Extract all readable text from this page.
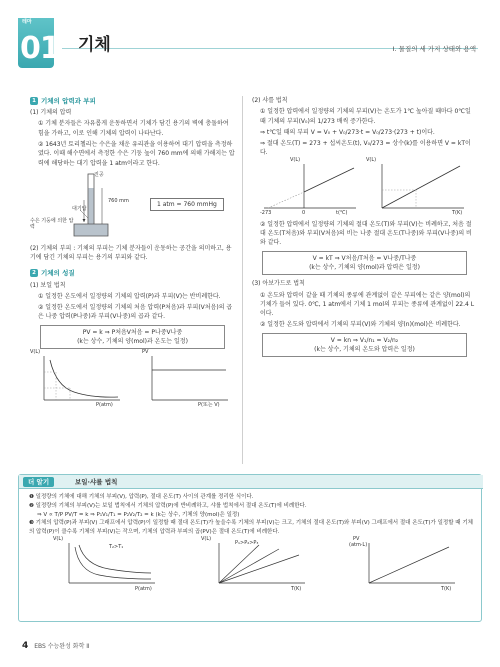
테마
01 기체	Ⅰ. 물질의 세 가지 상태와 용액
1 기체의 압력과 부피
(1) 기체의 압력
① 기체 분자들은 자유롭게 운동하면서 기체가 담긴 용기의 벽에 충돌하여 힘을 가하고, 이로 인해 기체의 압력이 나타난다.
② 1643년 토리첼리는 수은을 채운 유리관을 이용하여 대기 압력을 측정하였다. 이때 해수면에서 측정한 수은 기둥 높이 760 mm에 의해 가해지는 압력에 해당하는 대기 압력을 1 atm이라고 한다.
진공
760 mm
대기압
수은 기둥에 의한 압력
1 atm = 760 mmHg
(2) 기체의 부피 : 기체의 부피는 기체 분자들이 운동하는 공간을 의미하고, 용기에 담긴 기체의 부피는 용기의 부피와 같다.
2 기체의 성질
(1) 보일 법칙
① 일정한 온도에서 일정량의 기체의 압력(P)과 부피(V)는 반비례한다.
② 일정한 온도에서 일정량의 기체의 처음 압력(P처음)과 부피(V처음)의 곱은 나중 압력(P나중)과 부피(V나중)의 곱과 같다.
PV = k ⇒ P처음V처음 = P나중V나중
(k는 상수, 기체의 양(mol)과 온도는 일정)
V(L)
P(atm)
PV
P(또는 V)
(2) 샤를 법칙
① 일정한 압력에서 일정량의 기체의 부피(V)는 온도가 1℃ 높아질 때마다 0℃일 때 기체의 부피(V₀)의 1/273 배씩 증가한다.
⇒ t℃일 때의 부피 V = V₀ + V₀/273·t = V₀/273·(273 + t)이다.
⇒ 절대 온도(T) = 273 + 섭씨온도(t), V₀/273 = 상수(k)를 이용하면 V = kT이다.
V(L)
t(℃)
-273	0
V(L)
T(K)
② 일정한 압력에서 일정량의 기체의 절대 온도(T)와 부피(V)는 비례하고, 처음 절대 온도(T처음)와 부피(V처음)의 비는 나중 절대 온도(T나중)와 부피(V나중)의 비와 같다.
V = kT ⇒ V처음/T처음 = V나중/T나중
(k는 상수, 기체의 양(mol)과 압력은 일정)
(3) 아보가드로 법칙
① 온도와 압력이 같을 때 기체의 종류에 관계없이 같은 부피에는 같은 양(mol)의 기체가 들어 있다. 0℃, 1 atm에서 기체 1 mol의 부피는 종류에 관계없이 22.4 L이다.
② 일정한 온도와 압력에서 기체의 부피(V)와 기체의 양(n)(mol)은 비례한다.
V = kn ⇒ V₁/n₁ = V₂/n₂
(k는 상수, 기체의 온도와 압력은 일정)
더 알기	보일·샤를 법칙
❶ 일정량의 기체에 대해 기체의 부피(V), 압력(P), 절대 온도(T) 사이의 관계를 정리한 식이다.
❷ 일정량의 기체의 부피(V)는 보일 법칙에서 기체의 압력(P)에 반비례하고, 샤를 법칙에서 절대 온도(T)에 비례한다.
⇒ V ∝ T/P PV/T = k ⇒ P₁V₁/T₁ = P₂V₂/T₂ = k (k는 상수, 기체의 양(mol)은 일정)
❸ 기체의 압력(P)과 부피(V) 그래프에서 압력(P)이 일정할 때 절대 온도(T)가 높을수록 기체의 부피(V)는 크고, 기체의 절대 온도(T)와 부피(V) 그래프에서 절대 온도(T)가 일정할 때 기체의 압력(P)이 클수록 기체의 부피(V)는 작으며, 기체의 압력과 부피의 곱(PV)은 절대 온도(T)에 비례한다.
V(L)
P(atm)
T₂>T₁
V(L)
T(K)
P₁>P₂>P₃
PV
(atm·L)
T(K)
4 EBS 수능완성 화학 Ⅱ
